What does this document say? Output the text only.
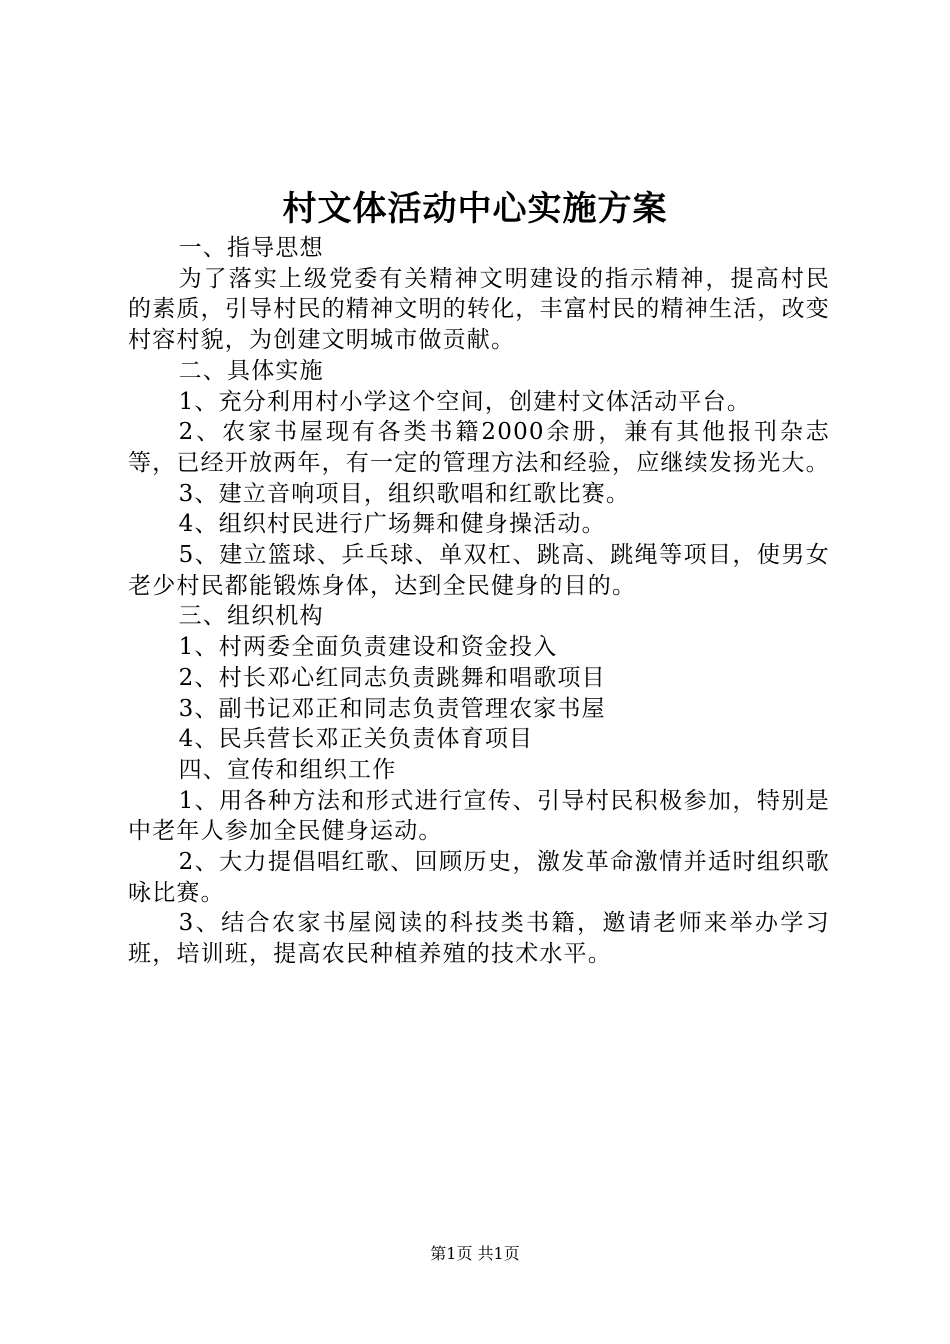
村文体活动中心实施方案

一、指导思想

为了落实上级党委有关精神文明建设的指示精神，提高村民的素质，引导村民的精神文明的转化，丰富村民的精神生活，改变村容村貌，为创建文明城市做贡献。

二、具体实施

1、充分利用村小学这个空间，创建村文体活动平台。

2、农家书屋现有各类书籍2000余册，兼有其他报刊杂志等，已经开放两年，有一定的管理方法和经验，应继续发扬光大。

3、建立音响项目，组织歌唱和红歌比赛。

4、组织村民进行广场舞和健身操活动。

5、建立篮球、乒乓球、单双杠、跳高、跳绳等项目，使男女老少村民都能锻炼身体，达到全民健身的目的。

三、组织机构

1、村两委全面负责建设和资金投入

2、村长邓心红同志负责跳舞和唱歌项目

3、副书记邓正和同志负责管理农家书屋

4、民兵营长邓正关负责体育项目

四、宣传和组织工作

1、用各种方法和形式进行宣传、引导村民积极参加，特别是中老年人参加全民健身运动。

2、大力提倡唱红歌、回顾历史，激发革命激情并适时组织歌咏比赛。

3、结合农家书屋阅读的科技类书籍，邀请老师来举办学习班，培训班，提高农民种植养殖的技术水平。

第1页 共1页
